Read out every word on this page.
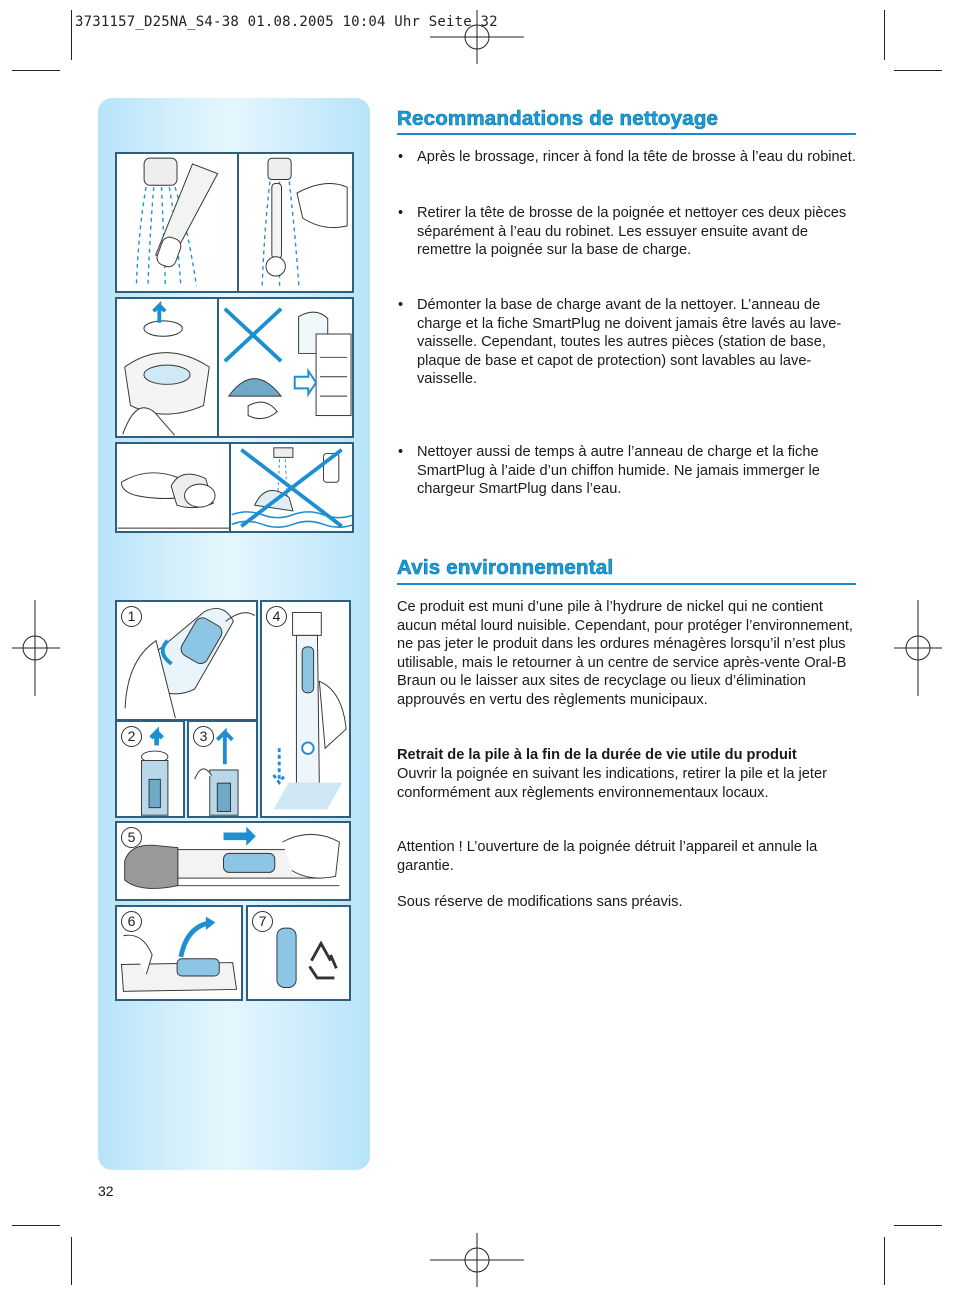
3731157_D25NA_S4-38 01.08.2005 10:04 Uhr Seite 32
1	4
2	3
5
6	7
Recommandations de nettoyage
• Après le brossage, rincer à fond la tête de brosse à l’eau du robinet.
• Retirer la tête de brosse de la poignée et nettoyer ces deux pièces séparément à l’eau du robinet. Les essuyer ensuite avant de remettre la poignée sur la base de charge.
• Démonter la base de charge avant de la nettoyer. L’anneau de charge et la fiche SmartPlug ne doivent jamais être lavés au lave-vaisselle. Cependant, toutes les autres pièces (station de base, plaque de base et capot de protection) sont lavables au lave-vaisselle.
• Nettoyer aussi de temps à autre l’anneau de charge et la fiche SmartPlug à l’aide d’un chiffon humide. Ne jamais immerger le chargeur SmartPlug dans l’eau.
Avis environnemental

Ce produit est muni d’une pile à l’hydrure de nickel qui ne contient aucun métal lourd nuisible. Cependant, pour protéger l’environnement, ne pas jeter le produit dans les ordures ménagères lorsqu’il n’est plus utilisable, mais le retourner à un centre de service après-vente Oral-B Braun ou le laisser aux sites de recyclage ou lieux d’élimination approuvés en vertu des règlements municipaux.

Retrait de la pile à la fin de la durée de vie utile du produit

Ouvrir la poignée en suivant les indications, retirer la pile et la jeter conformément aux règlements environnementaux locaux.

Attention ! L’ouverture de la poignée détruit l’appareil et annule la garantie.

Sous réserve de modifications sans préavis.

32
